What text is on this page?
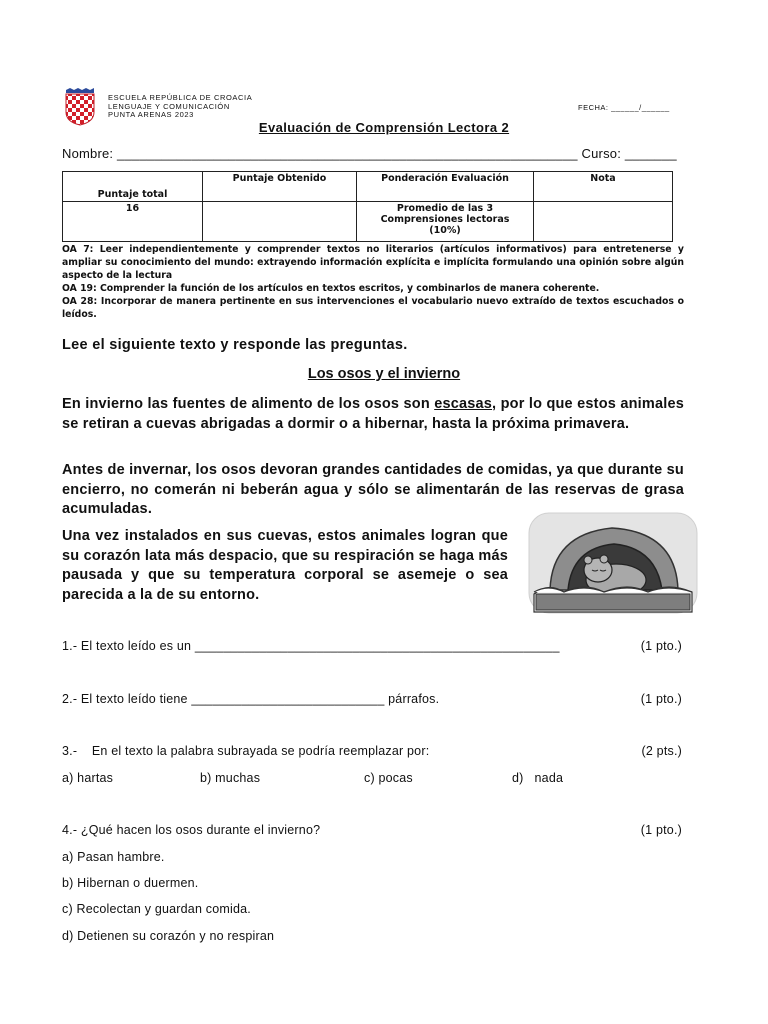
ESCUELA REPÚBLICA DE CROACIA
LENGUAJE Y COMUNICACIÓN
PUNTA ARENAS 2023
FECHA: ______/______
Evaluación de Comprensión Lectora 2
Nombre: ______________________________________________________________ Curso: _______
Puntaje total	Puntaje Obtenido	Ponderación Evaluación	Nota
16		Promedio de las 3 Comprensiones lectoras (10%)	

OA 7: Leer independientemente y comprender textos no literarios (artículos informativos) para entretenerse y ampliar su conocimiento del mundo: extrayendo información explícita e implícita formulando una opinión sobre algún aspecto de la lectura

OA 19: Comprender la función de los artículos en textos escritos, y combinarlos de manera coherente.

OA 28: Incorporar de manera pertinente en sus intervenciones el vocabulario nuevo extraído de textos escuchados o leídos.

Lee el siguiente texto y responde las preguntas.
Los osos y el invierno

En invierno las fuentes de alimento de los osos son escasas, por lo que estos animales se retiran a cuevas abrigadas a dormir o a hibernar, hasta la próxima primavera.

Antes de invernar, los osos devoran grandes cantidades de comidas, ya que durante su encierro, no comerán ni beberán agua y sólo se alimentarán de las reservas de grasa acumuladas.

Una vez instalados en sus cuevas, estos animales logran que su corazón lata más despacio, que su respiración se haga más pausada y que su temperatura corporal se asemeje o sea parecida a la de su entorno.

1.- El texto leído es un ___________________________________________________	(1 pto.)
2.- El texto leído tiene ___________________________ párrafos.	(1 pto.)
3.-    En el texto la palabra subrayada se podría reemplazar por:	(2 pts.)
a) hartas	b) muchas	c) pocas	d)   nada
4.- ¿Qué hacen los osos durante el invierno?	(1 pto.)
a) Pasan hambre.
b) Hibernan o duermen.
c) Recolectan y guardan comida.
d) Detienen su corazón y no respiran
